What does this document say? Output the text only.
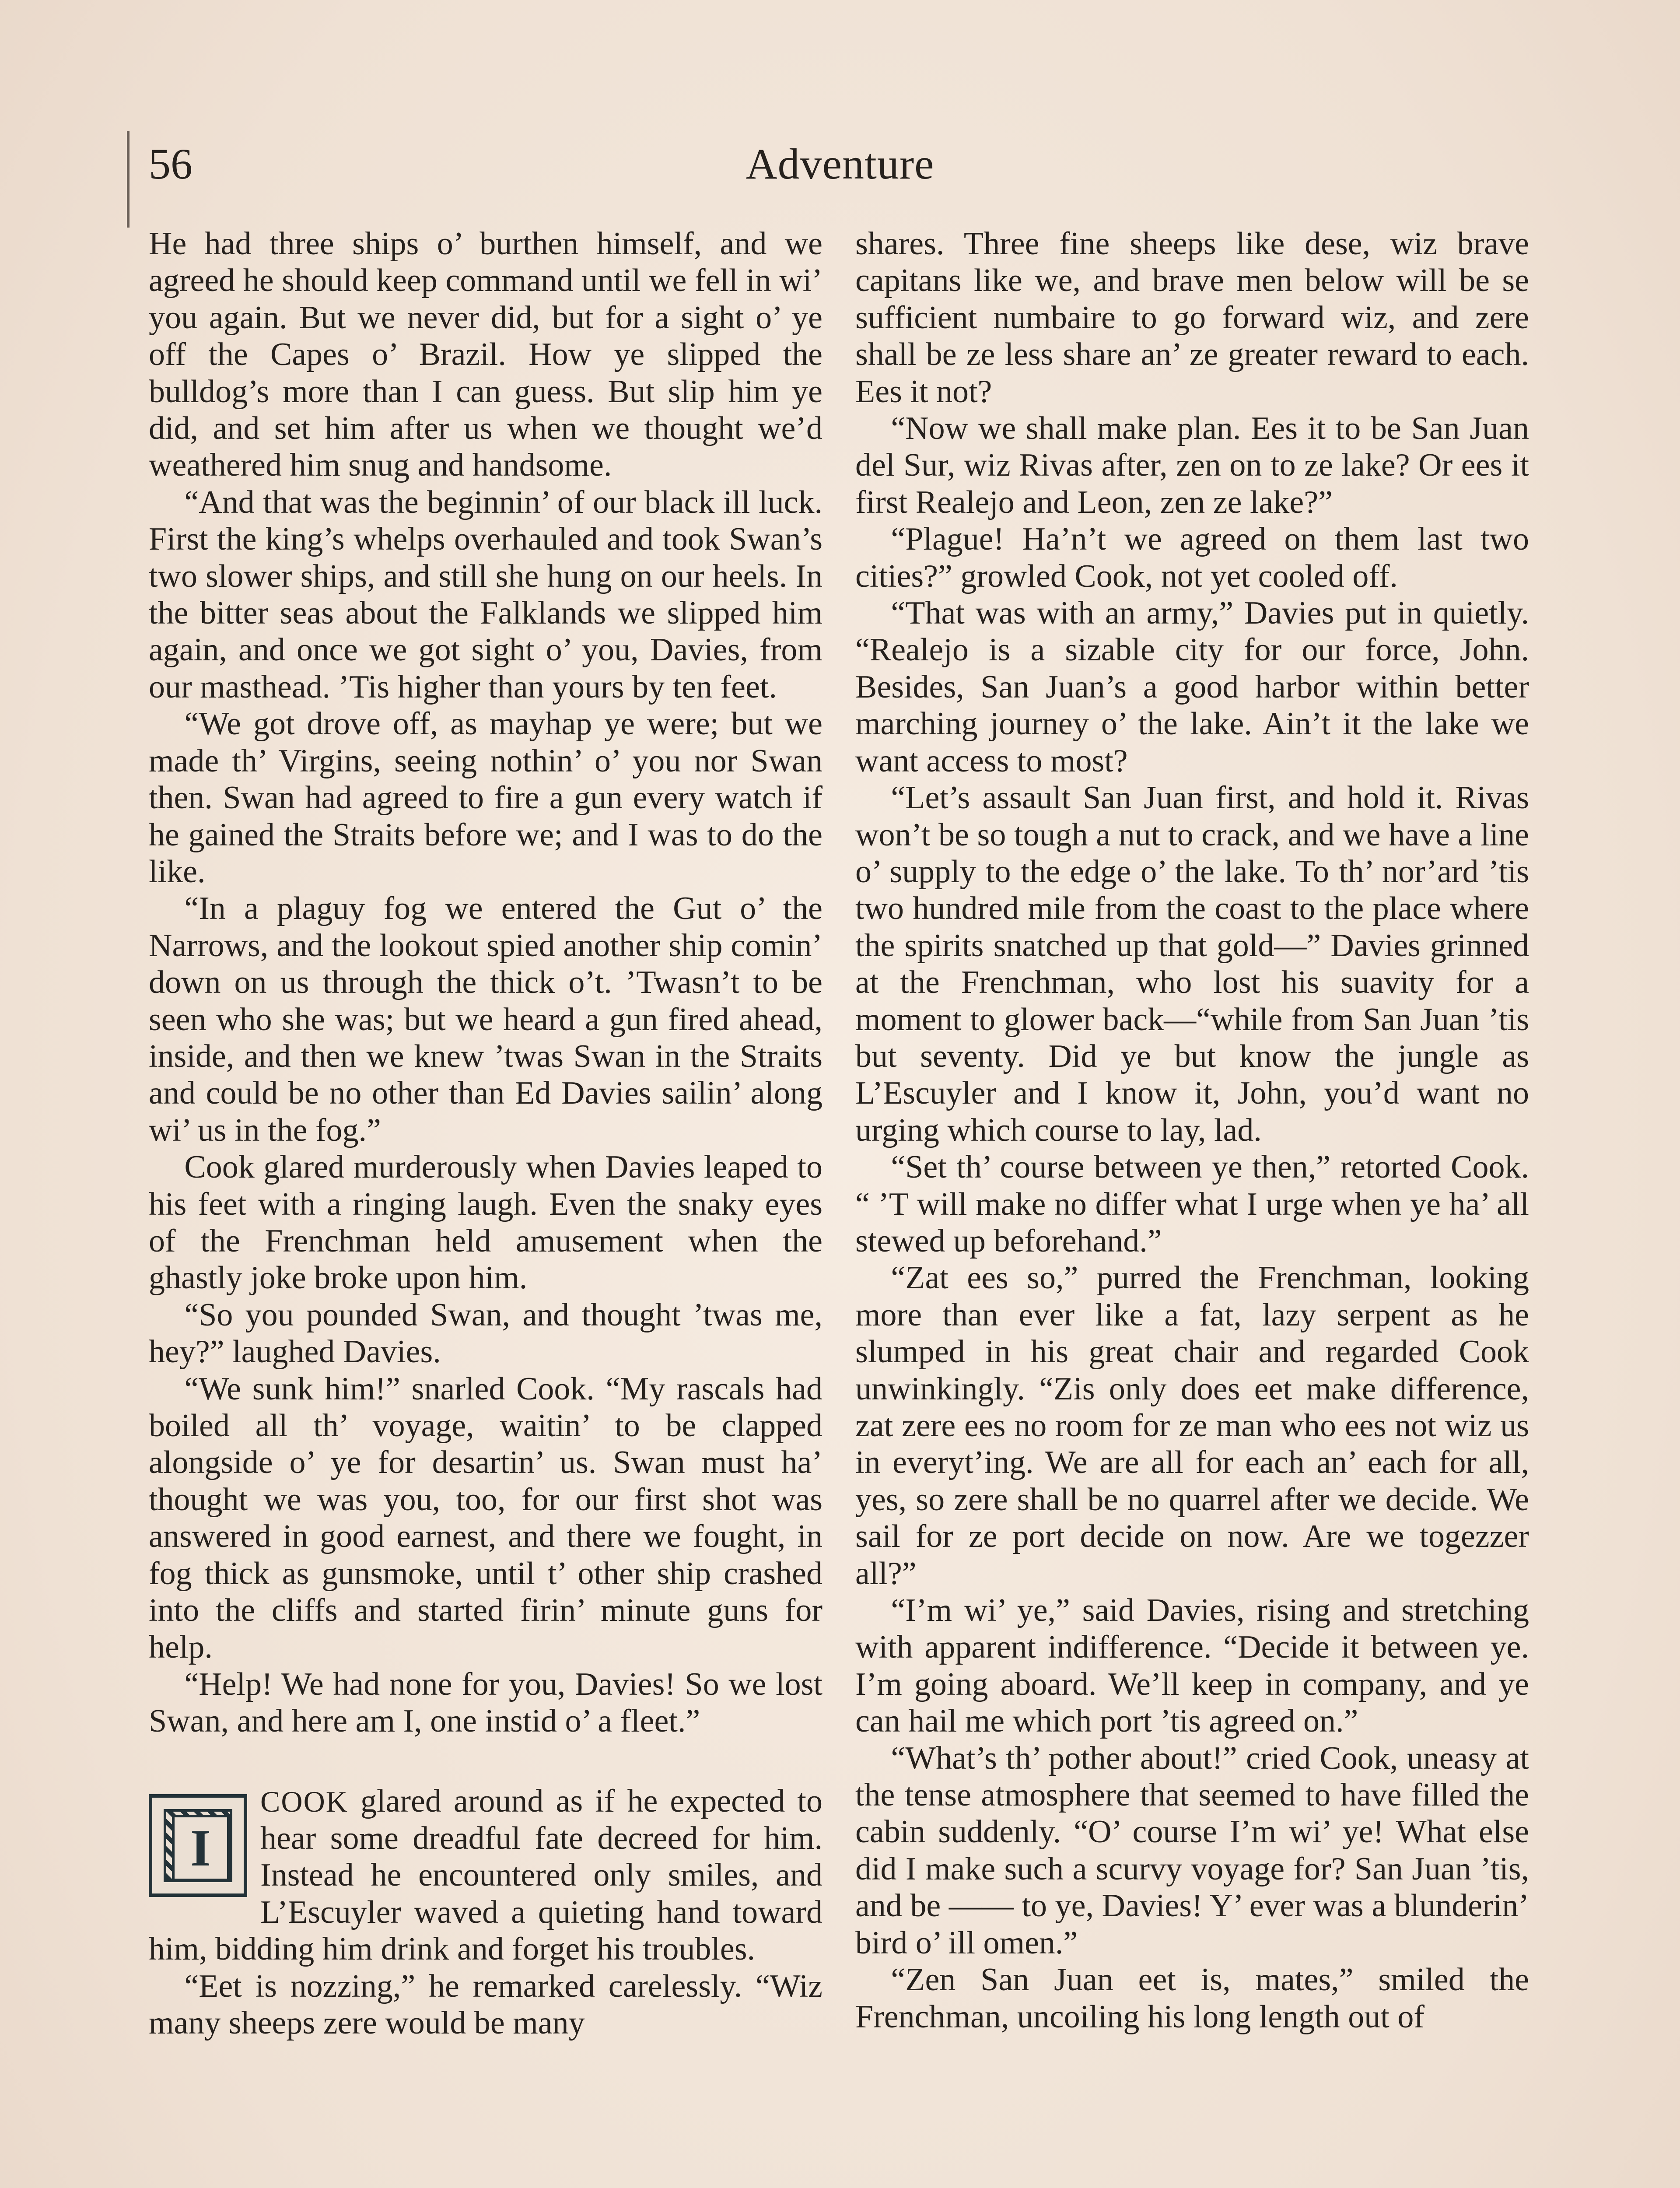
56	Adventure

He had three ships o’ burthen himself, and we agreed he should keep command until we fell in wi’ you again. But we never did, but for a sight o’ ye off the Capes o’ Brazil. How ye slipped the bulldog’s more than I can guess. But slip him ye did, and set him after us when we thought we’d weathered him snug and handsome.

“And that was the beginnin’ of our black ill luck. First the king’s whelps overhauled and took Swan’s two slower ships, and still she hung on our heels. In the bitter seas about the Falklands we slipped him again, and once we got sight o’ you, Davies, from our masthead. ’Tis higher than yours by ten feet.

“We got drove off, as mayhap ye were; but we made th’ Virgins, seeing nothin’ o’ you nor Swan then. Swan had agreed to fire a gun every watch if he gained the Straits before we; and I was to do the like.

“In a plaguy fog we entered the Gut o’ the Narrows, and the lookout spied another ship comin’ down on us through the thick o’t. ’Twasn’t to be seen who she was; but we heard a gun fired ahead, inside, and then we knew ’twas Swan in the Straits and could be no other than Ed Davies sailin’ along wi’ us in the fog.”

Cook glared murderously when Davies leaped to his feet with a ringing laugh. Even the snaky eyes of the Frenchman held amusement when the ghastly joke broke upon him.

“So you pounded Swan, and thought ’twas me, hey?” laughed Davies.

“We sunk him!” snarled Cook. “My rascals had boiled all th’ voyage, waitin’ to be clapped alongside o’ ye for desartin’ us. Swan must ha’ thought we was you, too, for our first shot was answered in good earnest, and there we fought, in fog thick as gunsmoke, until t’ other ship crashed into the cliffs and started firin’ minute guns for help.

“Help! We had none for you, Davies! So we lost Swan, and here am I, one instid o’ a fleet.”

I
COOK glared around as if he expected to hear some dreadful fate decreed for him. Instead he encountered only smiles, and L’Escuyler waved a quieting hand toward him, bidding him drink and forget his troubles.

“Eet is nozzing,” he remarked carelessly. “Wiz many sheeps zere would be many

shares. Three fine sheeps like dese, wiz brave capitans like we, and brave men below will be se sufficient numbaire to go forward wiz, and zere shall be ze less share an’ ze greater reward to each. Ees it not?

“Now we shall make plan. Ees it to be San Juan del Sur, wiz Rivas after, zen on to ze lake? Or ees it first Realejo and Leon, zen ze lake?”

“Plague! Ha’n’t we agreed on them last two cities?” growled Cook, not yet cooled off.

“That was with an army,” Davies put in quietly. “Realejo is a sizable city for our force, John. Besides, San Juan’s a good harbor within better marching journey o’ the lake. Ain’t it the lake we want access to most?

“Let’s assault San Juan first, and hold it. Rivas won’t be so tough a nut to crack, and we have a line o’ supply to the edge o’ the lake. To th’ nor’ard ’tis two hundred mile from the coast to the place where the spirits snatched up that gold—” Davies grinned at the Frenchman, who lost his suavity for a moment to glower back—“while from San Juan ’tis but seventy. Did ye but know the jungle as L’Escuyler and I know it, John, you’d want no urging which course to lay, lad.

“Set th’ course between ye then,” retorted Cook. “ ’T will make no differ what I urge when ye ha’ all stewed up beforehand.”

“Zat ees so,” purred the Frenchman, looking more than ever like a fat, lazy serpent as he slumped in his great chair and regarded Cook unwinkingly. “Zis only does eet make difference, zat zere ees no room for ze man who ees not wiz us in everyt’ing. We are all for each an’ each for all, yes, so zere shall be no quarrel after we decide. We sail for ze port decide on now. Are we togezzer all?”

“I’m wi’ ye,” said Davies, rising and stretching with apparent indifference. “Decide it between ye. I’m going aboard. We’ll keep in company, and ye can hail me which port ’tis agreed on.”

“What’s th’ pother about!” cried Cook, uneasy at the tense atmosphere that seemed to have filled the cabin suddenly. “O’ course I’m wi’ ye! What else did I make such a scurvy voyage for? San Juan ’tis, and be —— to ye, Davies! Y’ ever was a blunderin’ bird o’ ill omen.”

“Zen San Juan eet is, mates,” smiled the Frenchman, uncoiling his long length out of
